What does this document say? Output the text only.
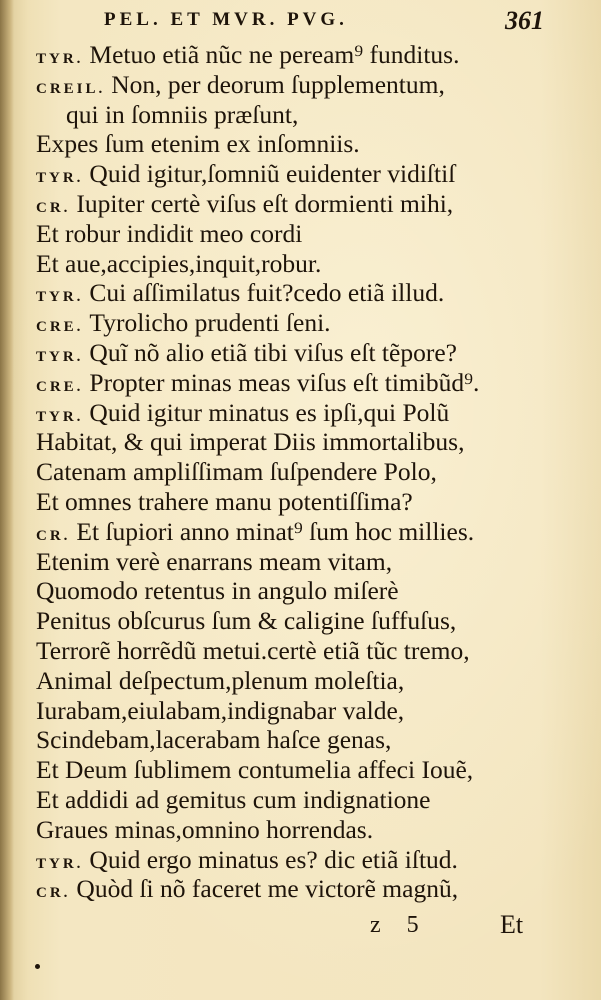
PEL. ET MVR. PVG.	361
TYR. Metuo etiã nũc ne peream⁹ funditus.
CREIL. Non, per deorum ſupplementum,
qui in ſomniis præſunt,
Expes ſum etenim ex inſomniis.
TYR. Quid igitur,ſomniũ euidenter vidiſtiſ
CR. Iupiter certè viſus eſt dormienti mihi,
Et robur indidit meo cordi
Et aue,accipies,inquit,robur.
TYR. Cui aſſimilatus fuit?cedo etiã illud.
CRE. Tyrolicho prudenti ſeni.
TYR. Quĩ nõ alio etiã tibi viſus eſt tẽpore?
CRE. Propter minas meas viſus eſt timibũd⁹.
TYR. Quid igitur minatus es ipſi,qui Polũ
Habitat, & qui imperat Diis immortalibus,
Catenam ampliſſimam ſuſpendere Polo,
Et omnes trahere manu potentiſſima?
CR. Et ſupiori anno minat⁹ ſum hoc millies.
Etenim verè enarrans meam vitam,
Quomodo retentus in angulo miſerè
Penitus obſcurus ſum & caligine ſuffuſus,
Terrorẽ horrẽdũ metui.certè etiã tũc tremo,
Animal deſpectum,plenum moleſtia,
Iurabam,eiulabam,indignabar valde,
Scindebam,lacerabam haſce genas,
Et Deum ſublimem contumelia affeci Iouẽ,
Et addidi ad gemitus cum indignatione
Graues minas,omnino horrendas.
TYR. Quid ergo minatus es? dic etiã iſtud.
CR. Quòd ſi nõ faceret me victorẽ magnũ,
z 5	Et
